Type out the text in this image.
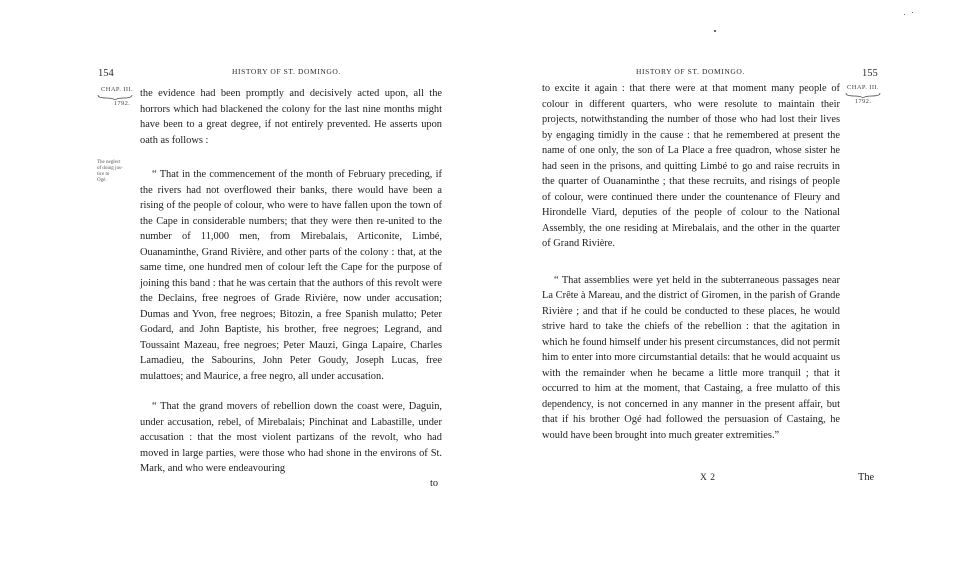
154	HISTORY OF ST. DOMINGO.
CHAP. III.
1792.
The neglect
of doing jus-
tice to
Ogé.

the evidence had been promptly and decisively acted upon, all the horrors which had blackened the colony for the last nine months might have been to a great degree, if not entirely prevented. He asserts upon oath as follows :

“ That in the commencement of the month of February preceding, if the rivers had not overflowed their banks, there would have been a rising of the people of colour, who were to have fallen upon the town of the Cape in considerable numbers; that they were then re-united to the number of 11,000 men, from Mirebalais, Articonite, Limbé, Ouanaminthe, Grand Rivière, and other parts of the colony : that, at the same time, one hundred men of colour left the Cape for the purpose of joining this band : that he was certain that the authors of this revolt were the Declains, free negroes of Grade Rivière, now under accusation; Dumas and Yvon, free negroes; Bitozin, a free Spanish mulatto; Peter Godard, and John Baptiste, his brother, free negroes; Legrand, and Toussaint Mazeau, free negroes; Peter Mauzi, Ginga Lapaire, Charles Lamadieu, the Sabourins, John Peter Goudy, Joseph Lucas, free mulattoes; and Maurice, a free negro, all under accusation.

“ That the grand movers of rebellion down the coast were, Daguin, under accusation, rebel, of Mirebalais; Pinchinat and Labastille, under accusation : that the most violent partizans of the revolt, who had moved in large parties, were those who had shone in the environs of St. Mark, and who were endeavouring

to
HISTORY OF ST. DOMINGO.	155
CHAP. III.
1792.

to excite it again : that there were at that moment many people of colour in different quarters, who were resolute to maintain their projects, notwithstanding the number of those who had lost their lives by engaging timidly in the cause : that he remembered at present the name of one only, the son of La Place a free quadron, whose sister he had seen in the prisons, and quitting Limbé to go and raise recruits in the quarter of Ouanaminthe ; that these recruits, and risings of people of colour, were continued there under the countenance of Fleury and Hirondelle Viard, deputies of the people of colour to the National Assembly, the one residing at Mirebalais, and the other in the quarter of Grand Rivière.

“ That assemblies were yet held in the subterraneous passages near La Crête à Mareau, and the district of Giromen, in the parish of Grande Rivière ; and that if he could be conducted to these places, he would strive hard to take the chiefs of the rebellion : that the agitation in which he found himself under his present circumstances, did not permit him to enter into more circumstantial details: that he would acquaint us with the remainder when he became a little more tranquil ; that it occurred to him at the moment, that Castaing, a free mulatto of this dependency, is not concerned in any manner in the present affair, but that if his brother Ogé had followed the persuasion of Castaing, he would have been brought into much greater extremities.”

X 2	The
